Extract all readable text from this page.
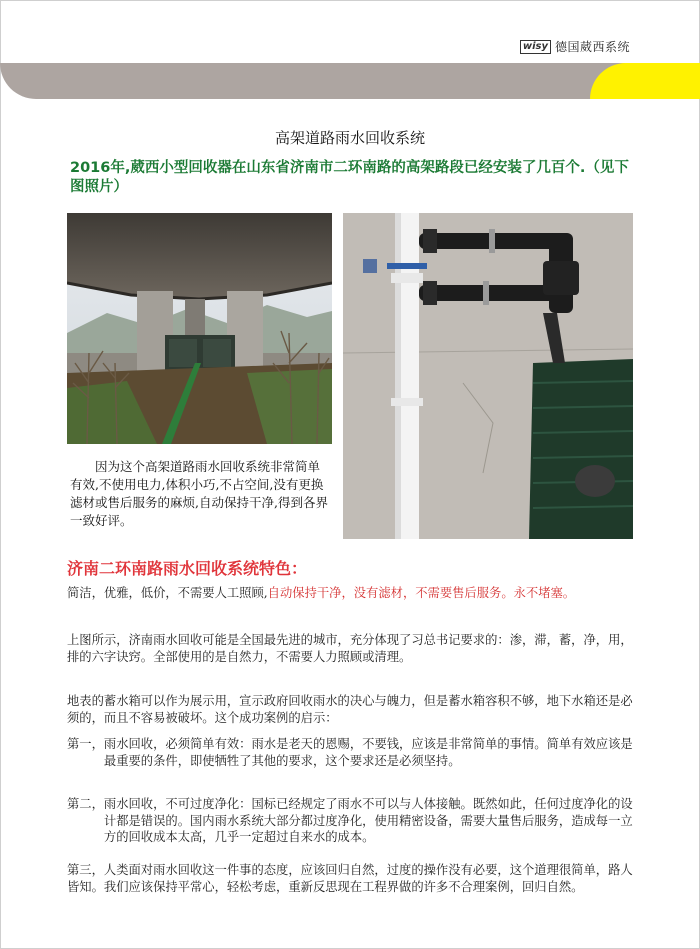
wisy 德国葳西系统
高架道路雨水回收系统
2016年,葳西小型回收器在山东省济南市二环南路的高架路段已经安装了几百个.（见下图照片）
因为这个高架道路雨水回收系统非常简单有效,不使用电力,体积小巧,不占空间,没有更换滤材或售后服务的麻烦,自动保持干净,得到各界一致好评。
济南二环南路雨水回收系统特色：
简洁，优雅，低价，不需要人工照顾,自动保持干净，没有滤材，不需要售后服务。永不堵塞。
上图所示，济南雨水回收可能是全国最先进的城市，充分体现了习总书记要求的：渗，滞，蓄，净，用，排的六字诀窍。全部使用的是自然力，不需要人力照顾或清理。
地表的蓄水箱可以作为展示用，宣示政府回收雨水的决心与魄力，但是蓄水箱容积不够，地下水箱还是必须的，而且不容易被破坏。这个成功案例的启示：
第一， 雨水回收，必须简单有效：雨水是老天的恩赐，不要钱，应该是非常简单的事情。简单有效应该是最重要的条件，即使牺牲了其他的要求，这个要求还是必须坚持。
第二， 雨水回收，不可过度净化：国标已经规定了雨水不可以与人体接触。既然如此，任何过度净化的设计都是错误的。国内雨水系统大部分都过度净化，使用精密设备，需要大量售后服务，造成每一立方的回收成本太高，几乎一定超过自来水的成本。
第三，人类面对雨水回收这一件事的态度，应该回归自然，过度的操作没有必要，这个道理很简单，路人皆知。我们应该保持平常心，轻松考虑，重新反思现在工程界做的许多不合理案例，回归自然。
